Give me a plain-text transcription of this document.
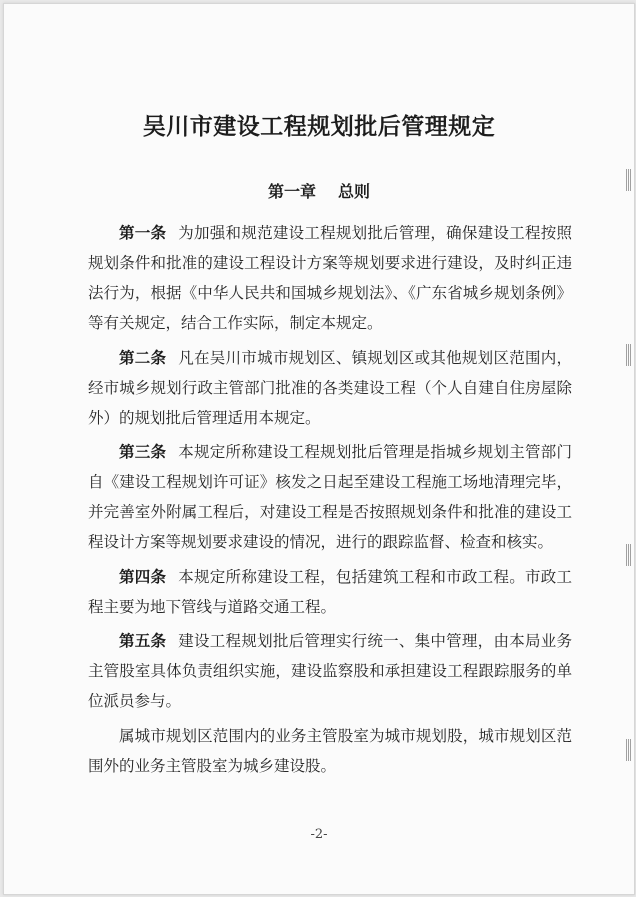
吴川市建设工程规划批后管理规定
第一章 总则

第一条 为加强和规范建设工程规划批后管理，确保建设工程按照规划条件和批准的建设工程设计方案等规划要求进行建设，及时纠正违法行为，根据《中华人民共和国城乡规划法》、《广东省城乡规划条例》等有关规定，结合工作实际，制定本规定。

第二条 凡在吴川市城市规划区、镇规划区或其他规划区范围内，经市城乡规划行政主管部门批准的各类建设工程（个人自建自住房屋除外）的规划批后管理适用本规定。

第三条 本规定所称建设工程规划批后管理是指城乡规划主管部门自《建设工程规划许可证》核发之日起至建设工程施工场地清理完毕，并完善室外附属工程后，对建设工程是否按照规划条件和批准的建设工程设计方案等规划要求建设的情况，进行的跟踪监督、检查和核实。

第四条 本规定所称建设工程，包括建筑工程和市政工程。市政工程主要为地下管线与道路交通工程。

第五条 建设工程规划批后管理实行统一、集中管理，由本局业务主管股室具体负责组织实施，建设监察股和承担建设工程跟踪服务的单位派员参与。

属城市规划区范围内的业务主管股室为城市规划股，城市规划区范围外的业务主管股室为城乡建设股。

-2-
